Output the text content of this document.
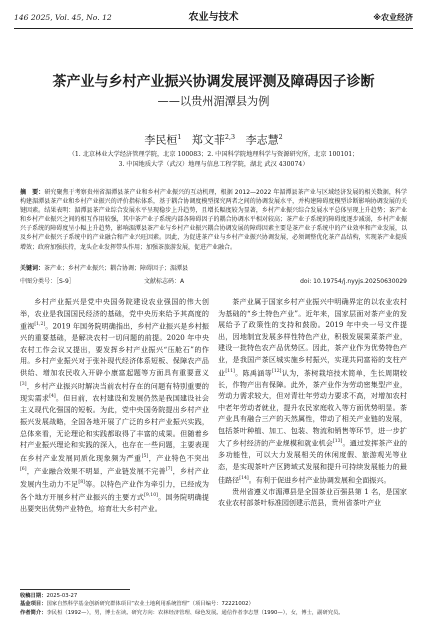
146 2025, Vol. 45, No. 12	农业与技术	※农业经济
茶产业与乡村产业振兴协调发展评测及障碍因子诊断
——以贵州湄潭县为例
李民桓$^1$ 郑文菲$^{2,3}$ 李志慧$^2$
（1. 北京林业大学经济管理学院，北京 100083；2. 中国科学院地理科学与资源研究所，北京 100101；
3. 中国地质大学（武汉）地理与信息工程学院，湖北 武汉 430074）
摘　要：研究聚焦于考察贵州省湄潭县茶产业和乡村产业振兴的互动机理，根据 2012—2022 年湄潭县茶产业与区域经济发展的相关数据，科学构建湄潭县茶产业和乡村产业振兴的评价指标体系，基于耦合协调度模型探究两者之间的协调发展水平，并构建障碍度模型诊断影响协调发展的关键因素。结果表明：湄潭县茶产业综合发展水平呈现稳步上升趋势，且增长幅度较为显著，乡村产业振兴综合发展水平总体呈现上升趋势；茶产业和乡村产业振兴之间的相互作用较强，其中茶产业子系统内部各障碍因子的耦合协调水平相对较高；茶产业子系统的障碍度逐步减弱，乡村产业振兴子系统的障碍度呈小幅上升趋势，影响湄潭县茶产业与乡村产业振兴耦合协调发展的障碍因素主要是茶产业子系统中的产业效率和产业发展，以及乡村产业振兴子系统中的产业融合和产业兴旺因素。因此，为促进茶产业与乡村产业振兴协调发展，必须调整优化茶产品结构，实现茶产业提质增效；政府加强扶持，龙头企业发挥带头作用；加强茶旅游发展，促进产业融合。
关键词：茶产业；乡村产业振兴；耦合协调；障碍因子；湄潭县
中图分类号：［S-9］	文献标志码：A	doi: 10.19754/j.nyyjs.20250630029

乡村产业振兴是党中央国务院建设农业强国的伟大创举，农业是我国国民经济的基础，党中央历来给予其高度的重视[1,2]。2019 年国务院明确指出，乡村产业振兴是乡村振兴的重要基础，是解决农村一切问题的前提。2020 年中央农村工作会议又提出，要发挥乡村产业振兴“压舱石”的作用。乡村产业振兴对于张补现代经济体系短板、保障农产品供给、增加农民收入开辟小康富起题等方面具有重要意义[3]，乡村产业振兴时解决当前农村存在的问题有特别重要的现实需求[4]。但目前，农村建设和发展仍然是我国建设社会主义现代化强国的短板。为此，党中央国务院提出乡村产业振兴发展战略，全国各地开展了广泛的乡村产业振兴实践，总体来看，无论理论和实践都取得了丰富的成果。但随着乡村产业振兴理论和实践的深入，也存在一些问题，主要表现在乡村产业发展同质化现象频为严重[5]，产业特色不突出[6]，产业融合效果不明显，产业链发展不完善[7]，乡村产业发展内生动力不足[8]等。以特色产业作为牵引力，已经成为各个地方开展乡村产业振兴的主要方式[9,10]。国务院明确提出要突出优势产业特色，培育壮大乡村产业。

茶产业属于国家乡村产业振兴中明确界定的以农业农村为基础的“乡土特色产业”。近年来，国家层面对茶产业的发展给予了政策性的支持和鼓励。2019 年中央一号文件提出，因地制宜发展多样性特色产业，积极发展果菜茶产业，建设一批特色农产品优势区。因此，茶产业作为优势特色产业，是我国产茶区城实施乡村振兴，实现共同富裕的支柱产业[11]。陈禹涵等[12]认为，茶树栽培技术简单，生长周期较长，作物产出有保障。此外，茶产业作为劳动密集型产业，劳动力需求较大，但对青壮年劳动力要求不高，对增加农村中老年劳动者就业，提升农民家庭收入等方面优势明显。茶产业具有融合三产的天然属性，带动了相关产业链的发展，包括茶叶种植、加工、包装、物流和销售等环节，进一步扩大了乡村经济的产业规模和就业机会[13]。通过发挥茶产业的多功能性，可以大力发展相关的休闲度假、旅游观光等业态，是实现茶叶产区跨域式发展和提升可持续发展能力的最佳路径[14]。有利于促进乡村产业协调发展和全面振兴。

贵州省遵义市湄潭县是全国茶业百强县第 1 名，是国家农业农村部茶叶标准园创建示范县，贵州省茶叶产业

收稿日期：2025-03-27
基金项目：国家自然科学基金创新研究群体项目“农业土地利用系统管理”（项目编号：72221002）
作者简介：李民桓（1992—），男，博士在读。研究方向：农林经济管理、绿色发展。通信作者李志慧（1990—），女，博士，副研究员。
